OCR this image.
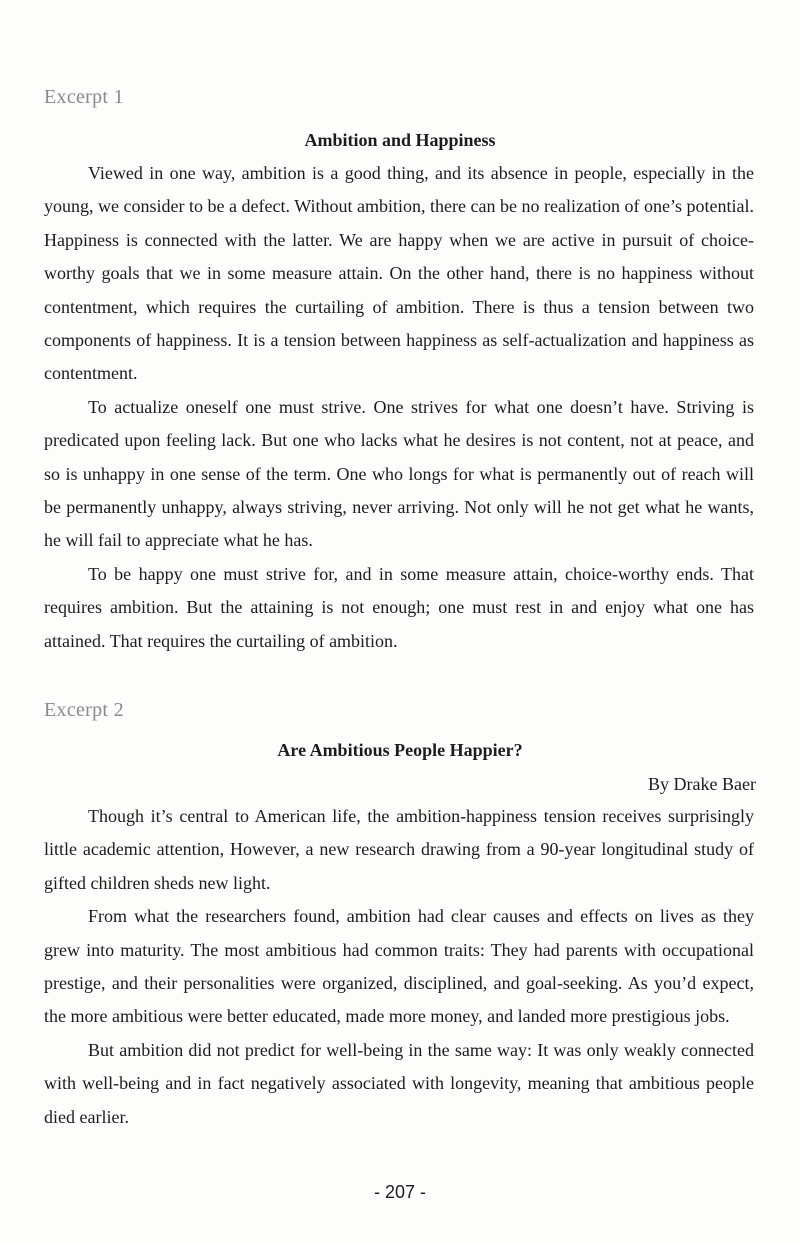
Excerpt 1
Ambition and Happiness

Viewed in one way, ambition is a good thing, and its absence in people, especially in the young, we consider to be a defect. Without ambition, there can be no realization of one’s potential. Happiness is connected with the latter. We are happy when we are active in pursuit of choice-worthy goals that we in some measure attain. On the other hand, there is no happiness without contentment, which requires the curtailing of ambition. There is thus a tension between two components of happiness. It is a tension between happiness as self-actualization and happiness as contentment.

To actualize oneself one must strive. One strives for what one doesn’t have. Striving is predicated upon feeling lack. But one who lacks what he desires is not content, not at peace, and so is unhappy in one sense of the term. One who longs for what is permanently out of reach will be permanently unhappy, always striving, never arriving. Not only will he not get what he wants, he will fail to appreciate what he has.

To be happy one must strive for, and in some measure attain, choice-worthy ends. That requires ambition. But the attaining is not enough; one must rest in and enjoy what one has attained. That requires the curtailing of ambition.

Excerpt 2
Are Ambitious People Happier?
By Drake Baer

Though it’s central to American life, the ambition-happiness tension receives surprisingly little academic attention, However, a new research drawing from a 90-year longitudinal study of gifted children sheds new light.

From what the researchers found, ambition had clear causes and effects on lives as they grew into maturity. The most ambitious had common traits: They had parents with occupational prestige, and their personalities were organized, disciplined, and goal-seeking. As you’d expect, the more ambitious were better educated, made more money, and landed more prestigious jobs.

But ambition did not predict for well-being in the same way: It was only weakly connected with well-being and in fact negatively associated with longevity, meaning that ambitious people died earlier.

- 207 -
